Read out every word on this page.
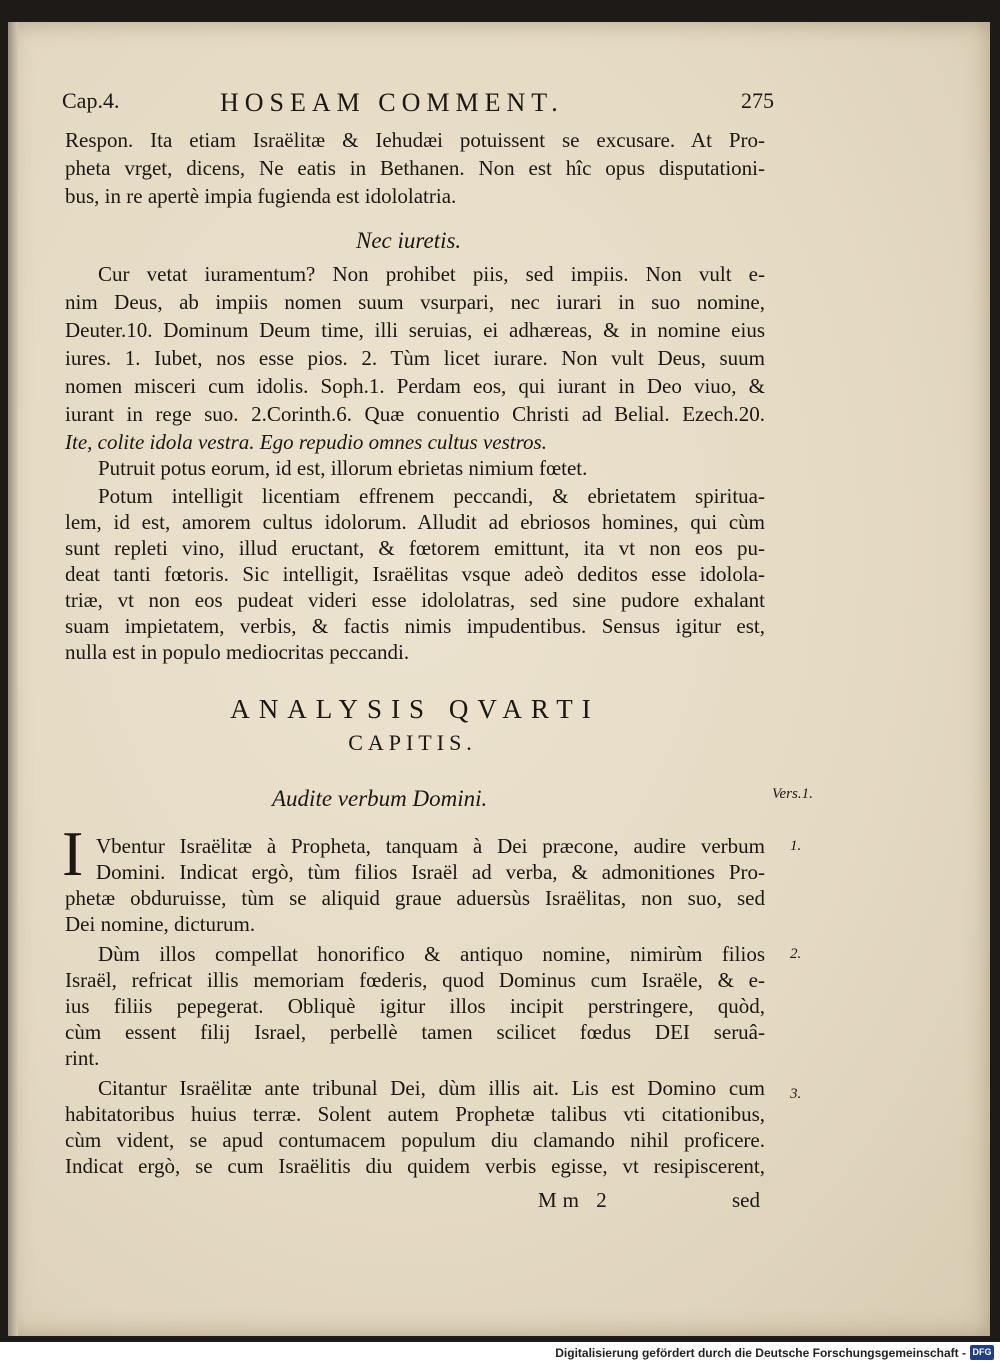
Cap.4.	HOSEAM COMMENT.	275

Respon. Ita etiam Israëlitæ & Iehudæi potuissent se excusare. At Pro-

pheta vrget, dicens, Ne eatis in Bethanen. Non est hîc opus disputationi-

bus, in re apertè impia fugienda est idololatria.

Nec iuretis.

Cur vetat iuramentum? Non prohibet piis, sed impiis. Non vult e-

nim Deus, ab impiis nomen suum vsurpari, nec iurari in suo nomine,

Deuter.10. Dominum Deum time, illi seruias, ei adhæreas, & in nomine eius

iures. 1. Iubet, nos esse pios. 2. Tùm licet iurare. Non vult Deus, suum

nomen misceri cum idolis. Soph.1. Perdam eos, qui iurant in Deo viuo, &

iurant in rege suo. 2.Corinth.6. Quæ conuentio Christi ad Belial. Ezech.20.

Ite, colite idola vestra. Ego repudio omnes cultus vestros.

Putruit potus eorum, id est, illorum ebrietas nimium fœtet.

Potum intelligit licentiam effrenem peccandi, & ebrietatem spiritua-

lem, id est, amorem cultus idolorum. Alludit ad ebriosos homines, qui cùm

sunt repleti vino, illud eructant, & fœtorem emittunt, ita vt non eos pu-

deat tanti fœtoris. Sic intelligit, Israëlitas vsque adeò deditos esse idolola-

triæ, vt non eos pudeat videri esse idololatras, sed sine pudore exhalant

suam impietatem, verbis, & factis nimis impudentibus. Sensus igitur est,

nulla est in populo mediocritas peccandi.

ANALYSIS QVARTI
CAPITIS.
Audite verbum Domini.	Vers.1.
I Vbentur Israëlitæ à Propheta, tanquam à Dei præcone, audire verbum

Domini. Indicat ergò, tùm filios Israël ad verba, & admonitiones Pro-

phetæ obduruisse, tùm se aliquid graue aduersùs Israëlitas, non suo, sed

Dei nomine, dicturum.

1.

Dùm illos compellat honorifico & antiquo nomine, nimirùm filios

Israël, refricat illis memoriam fœderis, quod Dominus cum Israële, & e-

ius filiis pepegerat. Obliquè igitur illos incipit perstringere, quòd,

cùm essent filij Israel, perbellè tamen scilicet fœdus DEI seruâ-

rint.

2.

Citantur Israëlitæ ante tribunal Dei, dùm illis ait. Lis est Domino cum

habitatoribus huius terræ. Solent autem Prophetæ talibus vti citationibus,

cùm vident, se apud contumacem populum diu clamando nihil proficere.

Indicat ergò, se cum Israëlitis diu quidem verbis egisse, vt resipiscerent,

3.
Mm 2	sed
Digitalisierung gefördert durch die Deutsche Forschungsgemeinschaft - DFG
